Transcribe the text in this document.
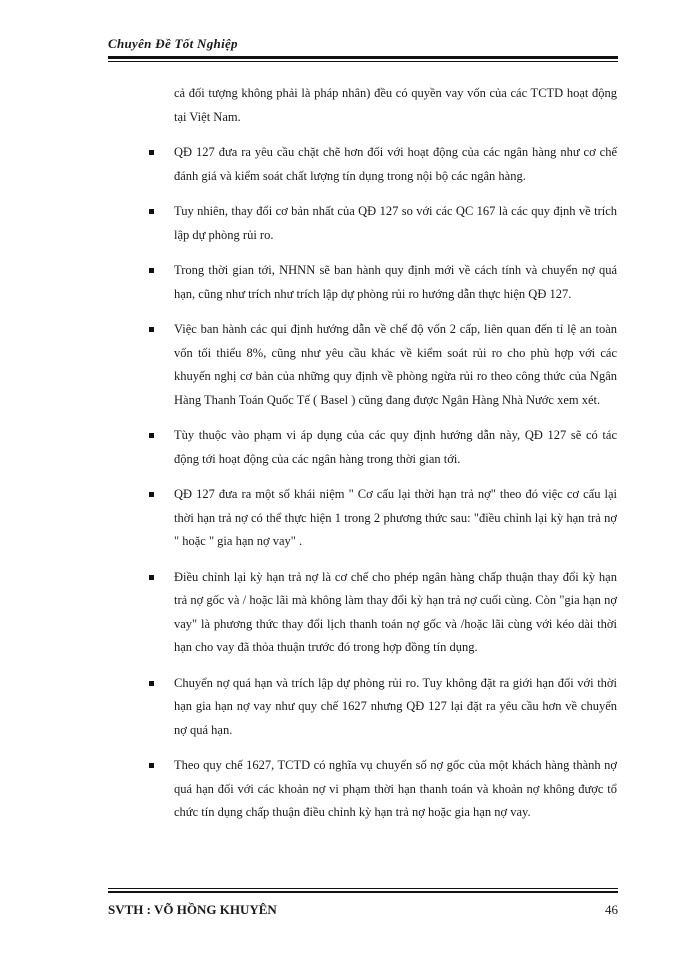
Chuyên Đề Tốt Nghiệp

cả đối tượng không phải là pháp nhân) đều có quyền vay vốn của các TCTD hoạt động tại Việt Nam.

QĐ 127 đưa ra yêu cầu chặt chẽ hơn đối với hoạt động của các ngân hàng như cơ chế đánh giá và kiểm soát chất lượng tín dụng trong nội bộ các ngân hàng.
Tuy nhiên, thay đổi cơ bản nhất của QĐ 127 so với các QC 167 là các quy định về trích lập dự phòng rủi ro.
Trong thời gian tới, NHNN sẽ ban hành quy định mới về cách tính và chuyển nợ quá hạn, cũng như trích như trích lập dự phòng rủi ro hướng dẫn thực hiện QĐ 127.
Việc ban hành các qui định hướng dẫn về chế độ vốn 2 cấp, liên quan đến tỉ lệ an toàn vốn tối thiểu 8%, cũng như yêu cầu khác về kiểm soát rủi ro cho phù hợp với các khuyến nghị cơ bản của những quy định về phòng ngừa rủi ro theo công thức của Ngân Hàng Thanh Toán Quốc Tế ( Basel ) cũng đang được Ngân Hàng Nhà Nước xem xét.
Tùy thuộc vào phạm vi áp dụng của các quy định hướng dẫn này, QĐ 127 sẽ có tác động tới hoạt động của các ngân hàng trong thời gian tới.
QĐ 127 đưa ra một số khái niệm " Cơ cấu lại thời hạn trả nợ" theo đó việc cơ cấu lại thời hạn trả nợ có thể thực hiện 1 trong 2 phương thức sau: "điều chỉnh lại kỳ hạn trả nợ " hoặc " gia hạn nợ vay" .
Điều chỉnh lại kỳ hạn trả nợ là cơ chế cho phép ngân hàng chấp thuận thay đổi kỳ hạn trả nợ gốc và / hoặc lãi mà không làm thay đổi kỳ hạn trả nợ cuối cùng. Còn "gia hạn nợ vay" là phương thức thay đổi lịch thanh toán nợ gốc và /hoặc lãi cùng với kéo dài thời hạn cho vay đã thỏa thuận trước đó trong hợp đồng tín dụng.
Chuyển nợ quá hạn và trích lập dự phòng rủi ro. Tuy không đặt ra giới hạn đối với thời hạn gia hạn nợ vay như quy chế 1627 nhưng QĐ 127 lại đặt ra yêu cầu hơn về chuyển nợ quá hạn.
Theo quy chế 1627, TCTD có nghĩa vụ chuyển số nợ gốc của một khách hàng thành nợ quá hạn đối với các khoản nợ vi phạm thời hạn thanh toán và khoản nợ không được tổ chức tín dụng chấp thuận điều chỉnh kỳ hạn trả nợ hoặc gia hạn nợ vay.
SVTH : VÕ HỒNG KHUYÊN	46
